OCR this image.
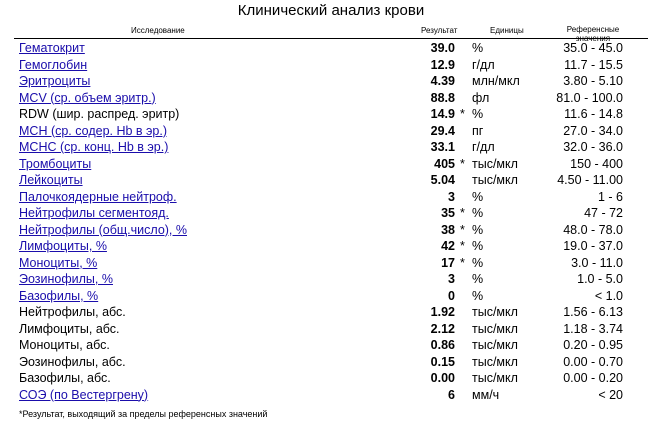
Клинический анализ крови
Исследование	Результат	Единицы	Референсные
значения
Гематокрит	39.0 %	35.0 - 45.0
Гемоглобин	12.9 г/дл	11.7 - 15.5
Эритроциты	4.39 млн/мкл	3.80 - 5.10
MCV (ср. объем эритр.)	88.8 фл	81.0 - 100.0
RDW (шир. распред. эритр)	14.9 * %	11.6 - 14.8
MCH (ср. содер. Hb в эр.)	29.4 пг	27.0 - 34.0
MCHC (ср. конц. Hb в эр.)	33.1 г/дл	32.0 - 36.0
Тромбоциты	405 * тыс/мкл	150 - 400
Лейкоциты	5.04 тыс/мкл	4.50 - 11.00
Палочкоядерные нейтроф.	3 %	1 - 6
Нейтрофилы сегментояд.	35 * %	47 - 72
Нейтрофилы (общ.число), %	38 * %	48.0 - 78.0
Лимфоциты, %	42 * %	19.0 - 37.0
Моноциты, %	17 * %	3.0 - 11.0
Эозинофилы, %	3 %	1.0 - 5.0
Базофилы, %	0 %	< 1.0
Нейтрофилы, абс.	1.92 тыс/мкл	1.56 - 6.13
Лимфоциты, абс.	2.12 тыс/мкл	1.18 - 3.74
Моноциты, абс.	0.86 тыс/мкл	0.20 - 0.95
Эозинофилы, абс.	0.15 тыс/мкл	0.00 - 0.70
Базофилы, абс.	0.00 тыс/мкл	0.00 - 0.20
СОЭ (по Вестергрену)	6 мм/ч	< 20
*Результат, выходящий за пределы референсных значений
